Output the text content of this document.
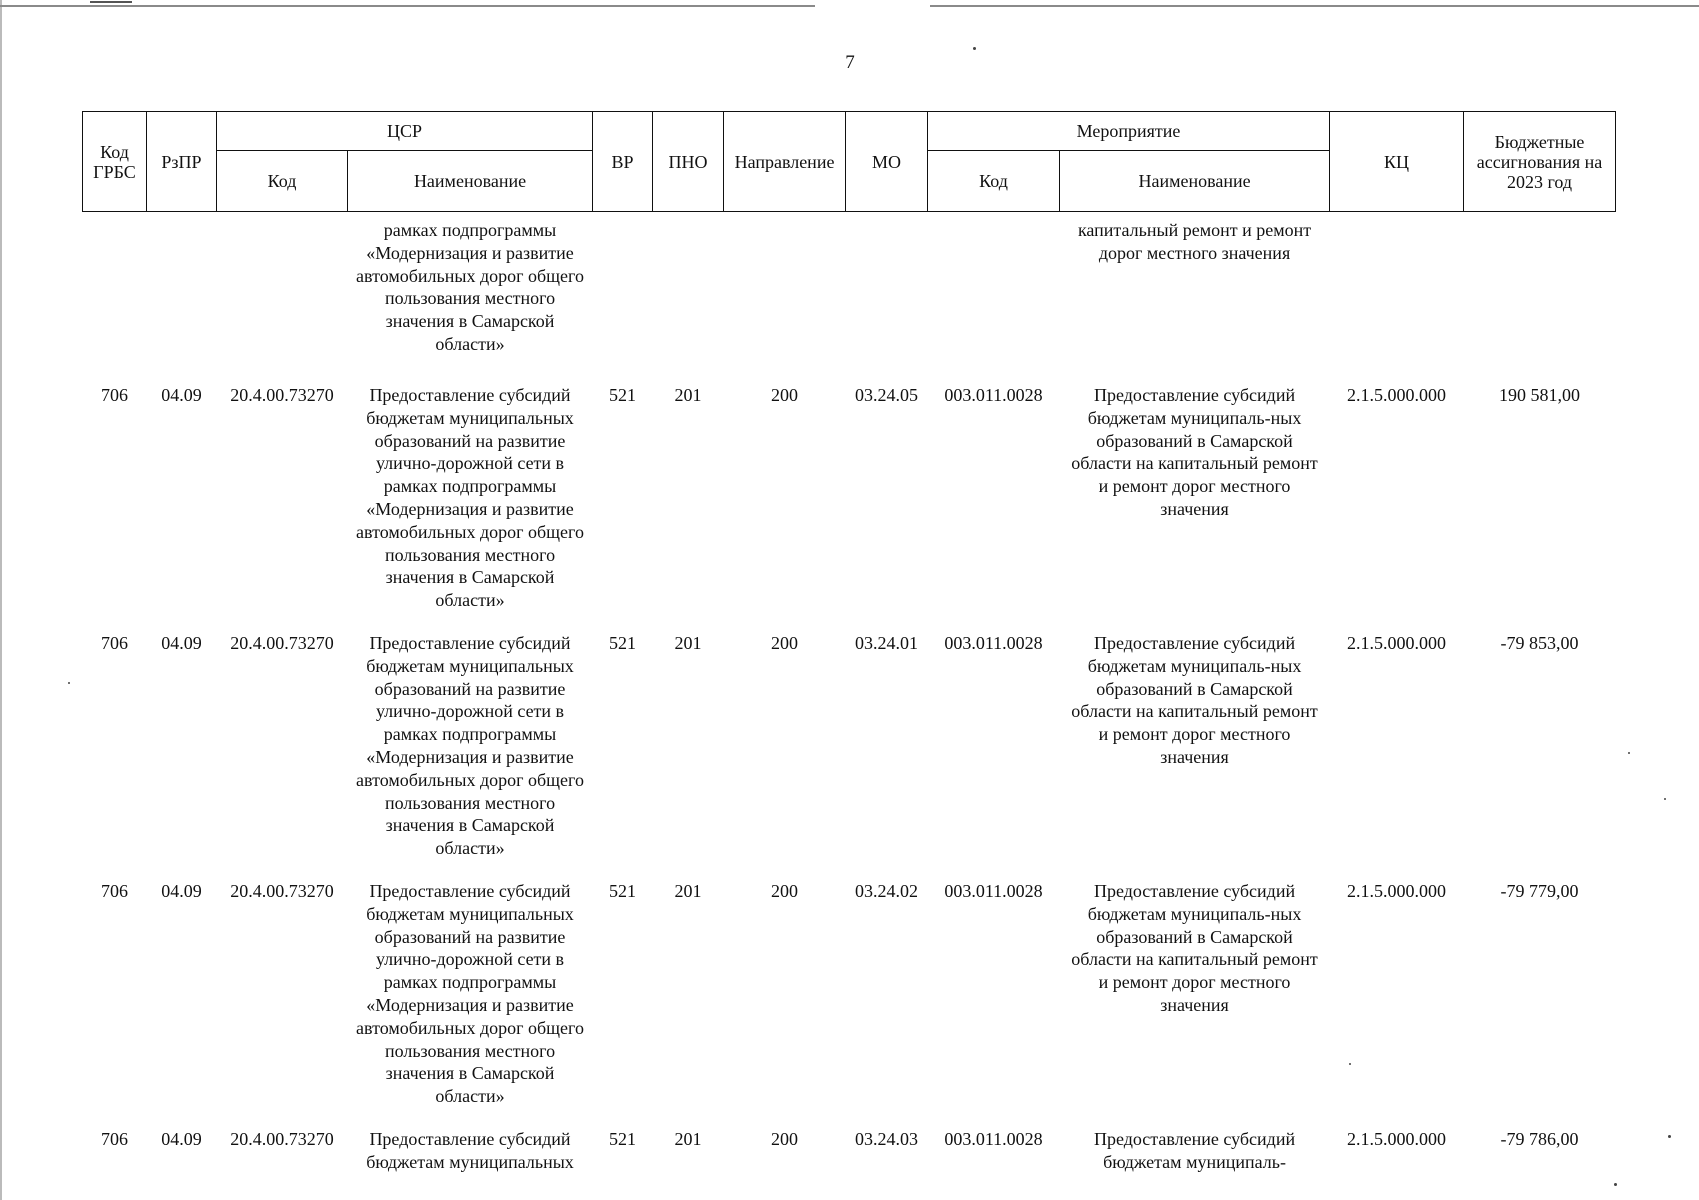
7
Код ГРБС	РзПР	ЦСР		ВР	ПНО	Направление	МО	Мероприятие		КЦ	Бюджетные ассигнования на 2023 год
		Код	Наименование					Код	Наименование		
			рамках подпрограммы «Модернизация и развитие автомобильных дорог общего пользования местного значения в Самарской области»						капитальный ремонт и ремонт дорог местного значения		
706	04.09	20.4.00.73270	Предоставление субсидий бюджетам муниципальных образований на развитие улично-дорожной сети в рамках подпрограммы «Модернизация и развитие автомобильных дорог общего пользования местного значения в Самарской области»	521	201	200	03.24.05	003.011.0028	Предоставление субсидий бюджетам муниципаль-ных образований в Самарской области на капитальный ремонт и ремонт дорог местного значения	2.1.5.000.000	190 581,00
706	04.09	20.4.00.73270	Предоставление субсидий бюджетам муниципальных образований на развитие улично-дорожной сети в рамках подпрограммы «Модернизация и развитие автомобильных дорог общего пользования местного значения в Самарской области»	521	201	200	03.24.01	003.011.0028	Предоставление субсидий бюджетам муниципаль-ных образований в Самарской области на капитальный ремонт и ремонт дорог местного значения	2.1.5.000.000	-79 853,00
706	04.09	20.4.00.73270	Предоставление субсидий бюджетам муниципальных образований на развитие улично-дорожной сети в рамках подпрограммы «Модернизация и развитие автомобильных дорог общего пользования местного значения в Самарской области»	521	201	200	03.24.02	003.011.0028	Предоставление субсидий бюджетам муниципаль-ных образований в Самарской области на капитальный ремонт и ремонт дорог местного значения	2.1.5.000.000	-79 779,00
706	04.09	20.4.00.73270	Предоставление субсидий бюджетам муниципальных	521	201	200	03.24.03	003.011.0028	Предоставление субсидий бюджетам муниципаль-	2.1.5.000.000	-79 786,00
